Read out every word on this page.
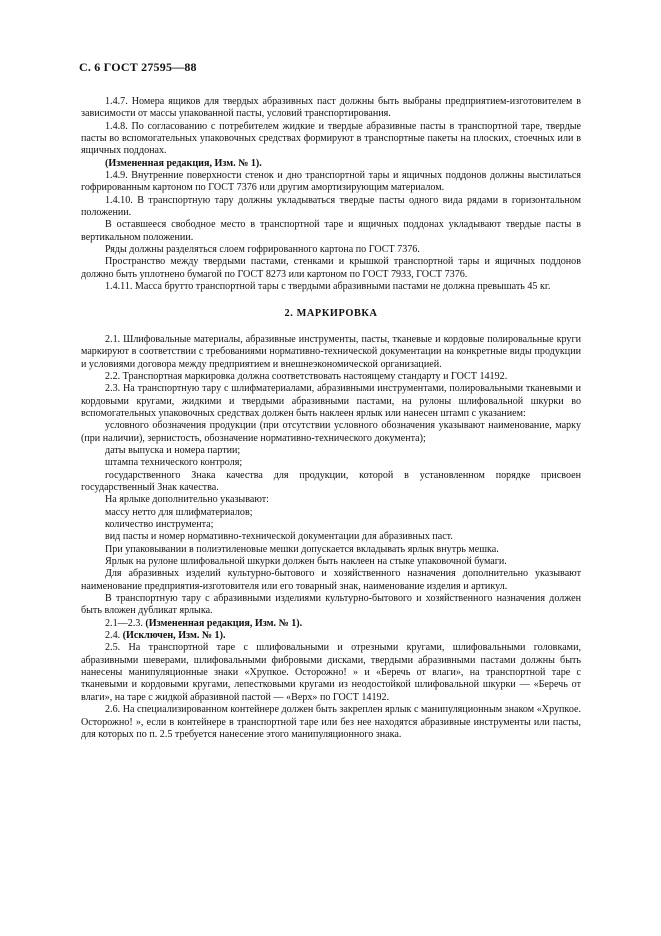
С. 6 ГОСТ 27595—88

1.4.7. Номера ящиков для твердых абразивных паст должны быть выбраны предприятием-изготовителем в зависимости от массы упакованной пасты, условий транспортирования.

1.4.8. По согласованию с потребителем жидкие и твердые абразивные пасты в транспортной таре, твердые пасты во вспомогательных упаковочных средствах формируют в транспортные пакеты на плоских, стоечных или в ящичных поддонах.

(Измененная редакция, Изм. № 1).

1.4.9. Внутренние поверхности стенок и дно транспортной тары и ящичных поддонов должны выстилаться гофрированным картоном по ГОСТ 7376 или другим амортизирующим материалом.

1.4.10. В транспортную тару должны укладываться твердые пасты одного вида рядами в горизонтальном положении.

В оставшееся свободное место в транспортной таре и ящичных поддонах укладывают твердые пасты в вертикальном положении.

Ряды должны разделяться слоем гофрированного картона по ГОСТ 7376.

Пространство между твердыми пастами, стенками и крышкой транспортной тары и ящичных поддонов должно быть уплотнено бумагой по ГОСТ 8273 или картоном по ГОСТ 7933, ГОСТ 7376.

1.4.11. Масса брутто транспортной тары с твердыми абразивными пастами не должна превышать 45 кг.

2. МАРКИРОВКА

2.1. Шлифовальные материалы, абразивные инструменты, пасты, тканевые и кордовые полировальные круги маркируют в соответствии с требованиями нормативно-технической документации на конкретные виды продукции и условиями договора между предприятием и внешнеэкономической организацией.

2.2. Транспортная маркировка должна соответствовать настоящему стандарту и ГОСТ 14192.

2.3. На транспортную тару с шлифматериалами, абразивными инструментами, полировальными тканевыми и кордовыми кругами, жидкими и твердыми абразивными пастами, на рулоны шлифовальной шкурки во вспомогательных упаковочных средствах должен быть наклеен ярлык или нанесен штамп с указанием:

условного обозначения продукции (при отсутствии условного обозначения указывают наименование, марку (при наличии), зернистость, обозначение нормативно-технического документа);

даты выпуска и номера партии;

штампа технического контроля;

государственного Знака качества для продукции, которой в установленном порядке присвоен государственный Знак качества.

На ярлыке дополнительно указывают:

массу нетто для шлифматериалов;

количество инструмента;

вид пасты и номер нормативно-технической документации для абразивных паст.

При упаковывании в полиэтиленовые мешки допускается вкладывать ярлык внутрь мешка.

Ярлык на рулоне шлифовальной шкурки должен быть наклеен на стыке упаковочной бумаги.

Для абразивных изделий культурно-бытового и хозяйственного назначения дополнительно указывают наименование предприятия-изготовителя или его товарный знак, наименование изделия и артикул.

В транспортную тару с абразивными изделиями культурно-бытового и хозяйственного назначения должен быть вложен дубликат ярлыка.

2.1—2.3. (Измененная редакция, Изм. № 1).

2.4. (Исключен, Изм. № 1).

2.5. На транспортной таре с шлифовальными и отрезными кругами, шлифовальными головками, абразивными шеверами, шлифовальными фибровыми дисками, твердыми абразивными пастами должны быть нанесены манипуляционные знаки «Хрупкое. Осторожно! » и «Беречь от влаги», на транспортной таре с тканевыми и кордовыми кругами, лепестковыми кругами из неодостойкой шлифовальной шкурки — «Беречь от влаги», на таре с жидкой абразивной пастой — «Верх» по ГОСТ 14192.

2.6. На специализированном контейнере должен быть закреплен ярлык с манипуляционным знаком «Хрупкое. Осторожно! », если в контейнере в транспортной таре или без нее находятся абразивные инструменты или пасты, для которых по п. 2.5 требуется нанесение этого манипуляционного знака.
